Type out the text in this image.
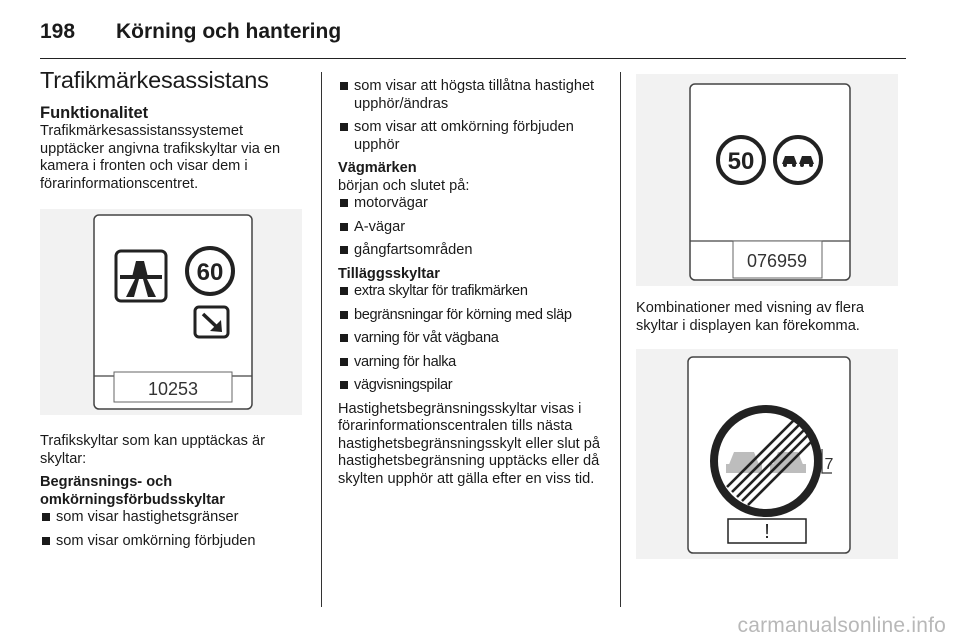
198 Körning och hantering
Trafikmärkesassistans
Funktionalitet

Trafikmärkesassistanssystemet upptäcker angivna trafikskyltar via en kamera i fronten och visar dem i förarinformationscentret.

60
10253

Trafikskyltar som kan upptäckas är skyltar:

Begränsnings- och omkörningsförbudsskyltar

som visar hastighetsgränser
som visar omkörning förbjuden
som visar att högsta tillåtna hastighet upphör/ändras
som visar att omkörning förbjuden upphör

Vägmärken

början och slutet på:

motorvägar
A-vägar
gångfartsområden

Tilläggsskyltar

extra skyltar för trafikmärken
begränsningar för körning med släp
varning för våt vägbana
varning för halka
vägvisningspilar

Hastighetsbegränsningsskyltar visas i förarinformationscentralen tills nästa hastighetsbegränsningsskylt eller slut på hastighetsbegränsning upptäcks eller då skylten upphör att gälla efter en viss tid.

50
076959

Kombinationer med visning av flera skyltar i displayen kan förekomma.

7
!
carmanualsonline.info
